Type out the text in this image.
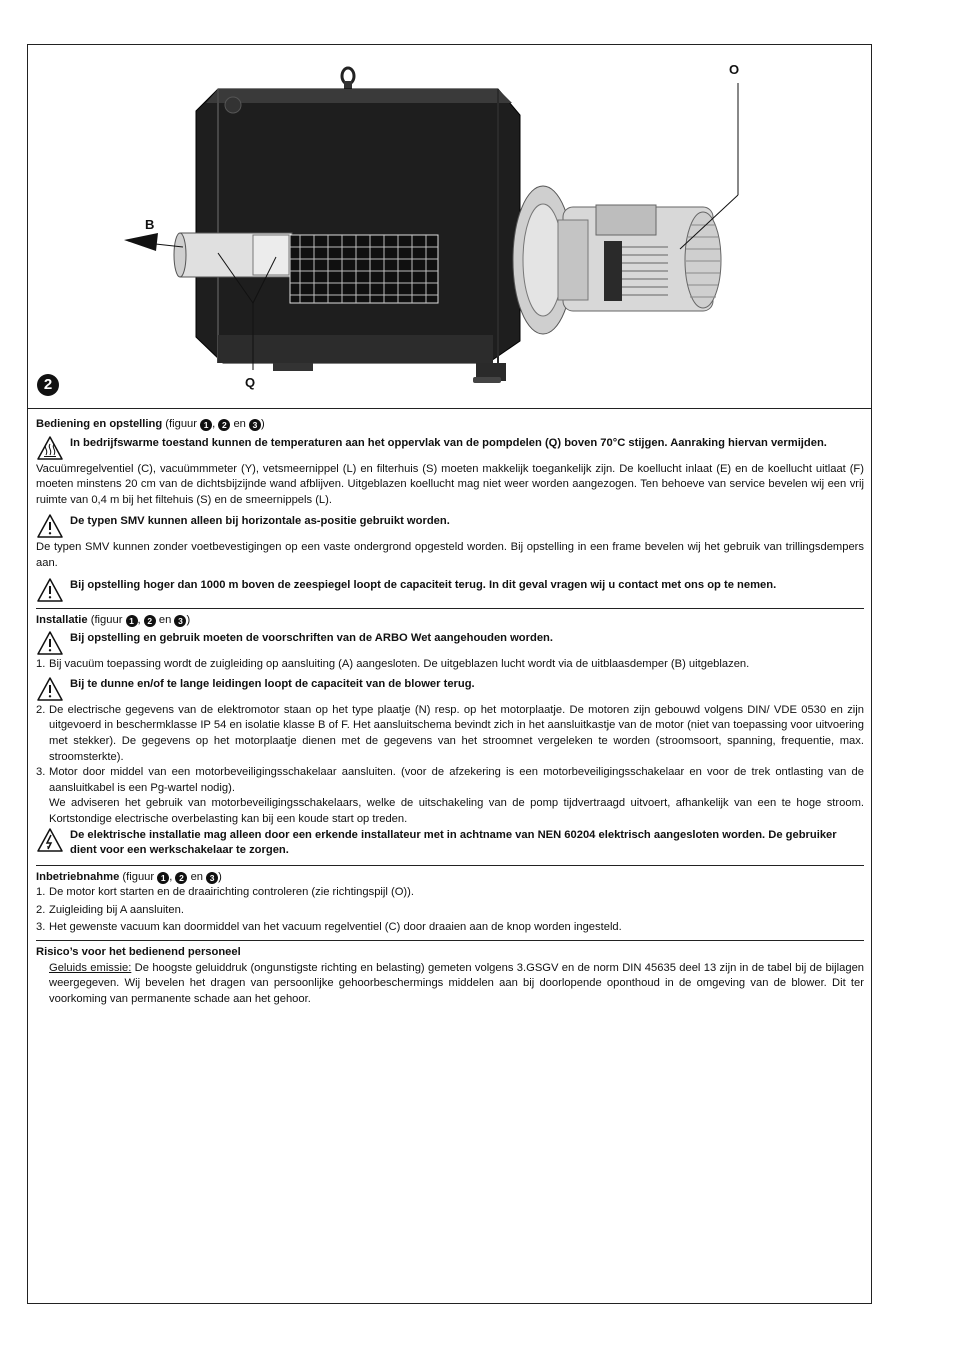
O
B
Q
2
Bediening en opstelling (figuur 1 , 2 en 3 )
In bedrijfswarme toestand kunnen de temperaturen aan het oppervlak van de pompdelen (Q) boven 70°C stijgen. Aanraking hiervan vermijden.

Vacuümregelventiel (C), vacuümmmeter (Y), vetsmeernippel (L) en filterhuis (S) moeten makkelijk toegankelijk zijn. De koellucht inlaat (E) en de koellucht uitlaat (F) moeten minstens 20 cm van de dichtsbijzijnde wand afblijven. Uitgeblazen koellucht mag niet weer worden aangezogen. Ten behoeve van service bevelen wij een vrij ruimte van 0,4 m bij het filtehuis (S) en de smeernippels (L).

De typen SMV kunnen alleen bij horizontale as-positie gebruikt worden.

De typen SMV kunnen zonder voetbevestigingen op een vaste ondergrond opgesteld worden. Bij opstelling in een frame bevelen wij het gebruik van trillingsdempers aan.

Bij opstelling hoger dan 1000 m boven de zeespiegel loopt de capaciteit terug. In dit geval vragen wij u contact met ons op te nemen.
Installatie (figuur 1 , 2 en 3 )
Bij opstelling en gebruik moeten de voorschriften van de ARBO Wet aangehouden worden.
1. Bij vacuüm toepassing wordt de zuigleiding op aansluiting (A) aangesloten. De uitgeblazen lucht wordt via de uitblaasdemper (B) uitgeblazen.
Bij te dunne en/of te lange leidingen loopt de capaciteit van de blower terug.
2. De electrische gegevens van de elektromotor staan op het type plaatje (N) resp. op het motorplaatje. De motoren zijn gebouwd volgens DIN/ VDE 0530 en zijn uitgevoerd in beschermklasse IP 54 en isolatie klasse B of F. Het aansluitschema bevindt zich in het aansluitkastje van de motor (niet van toepassing voor uitvoering met stekker). De gegevens op het motorplaatje dienen met de gegevens van het stroomnet vergeleken te worden (stroomsoort, spanning, frequentie, max. stroomsterkte).
3. Motor door middel van een motorbeveiligingsschakelaar aansluiten. (voor de afzekering is een motorbeveiligingsschakelaar en voor de trek ontlasting van de aansluitkabel is een Pg-wartel nodig).
We adviseren het gebruik van motorbeveiligingsschakelaars, welke de uitschakeling van de pomp tijdvertraagd uitvoert, afhankelijk van een te hoge stroom. Kortstondige electrische overbelasting kan bij een koude start op treden.
De elektrische installatie mag alleen door een erkende installateur met in achtname van NEN 60204 elektrisch aangesloten worden. De gebruiker dient voor een werkschakelaar te zorgen.
Inbetriebnahme (figuur 1 , 2 en 3 )
1. De motor kort starten en de draairichting controleren (zie richtingspijl (O)).
2. Zuigleiding bij A aansluiten.
3. Het gewenste vacuum kan doormiddel van het vacuum regelventiel (C) door draaien aan de knop worden ingesteld.
Risico’s voor het bedienend personeel
Geluids emissie: De hoogste geluiddruk (ongunstigste richting en belasting) gemeten volgens 3.GSGV en de norm DIN 45635 deel 13 zijn in de tabel bij de bijlagen weergegeven. Wij bevelen het dragen van persoonlijke gehoorbeschermings middelen aan bij doorlopende oponthoud in de omgeving van de blower. Dit ter voorkoming van permanente schade aan het gehoor.
